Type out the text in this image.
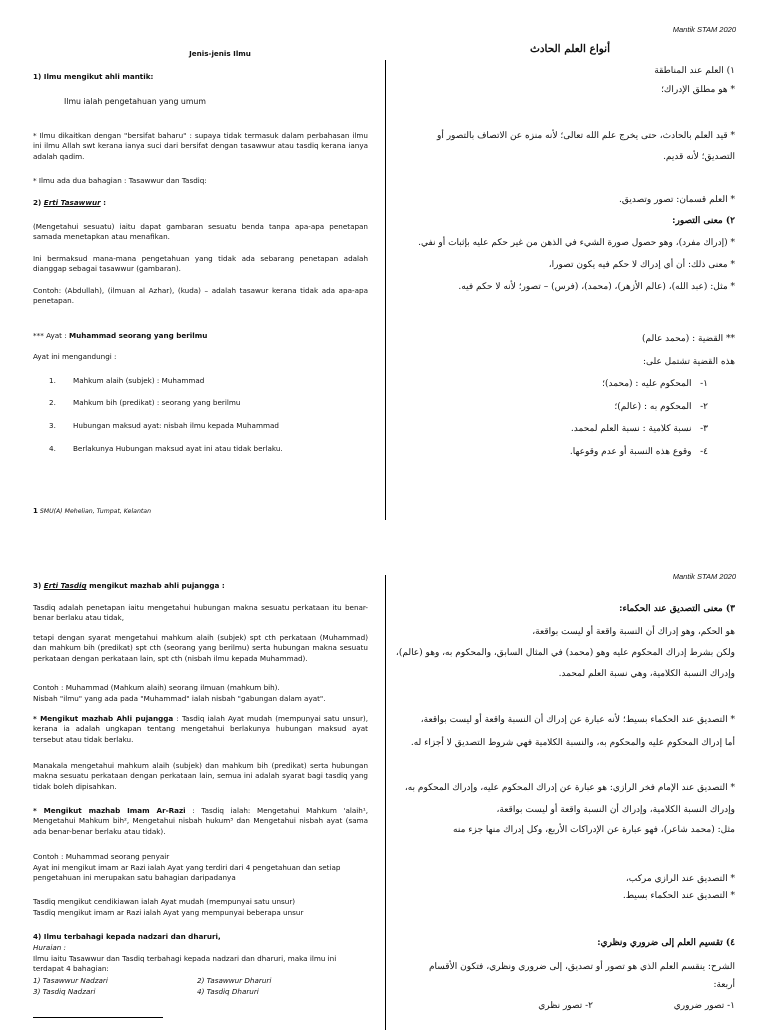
Mantik STAM 2020
Jenis-jenis Ilmu
1) Ilmu mengikut ahli mantik:
Ilmu ialah pengetahuan yang umum
* Ilmu dikaitkan dengan "bersifat baharu" : supaya tidak termasuk dalam perbahasan ilmu ini ilmu Allah swt kerana ianya suci dari bersifat dengan tasawwur atau tasdiq kerana ianya adalah qadim.
* Ilmu ada dua bahagian : Tasawwur dan Tasdiq:
2) Erti Tasawwur :
(Mengetahui sesuatu) iaitu dapat gambaran sesuatu benda tanpa apa-apa penetapan samada menetapkan atau menafikan.
Ini bermaksud mana-mana pengetahuan yang tidak ada sebarang penetapan adalah dianggap sebagai tasawwur (gambaran).
Contoh: (Abdullah), (ilmuan al Azhar), (kuda) – adalah tasawur kerana tidak ada apa-apa penetapan.
*** Ayat : Muhammad seorang yang berilmu
Ayat ini mengandungi :
1. Mahkum alaih (subjek) : Muhammad
2. Mahkum bih (predikat) : seorang yang berilmu
3. Hubungan maksud ayat: nisbah ilmu kepada Muhammad
4. Berlakunya Hubungan maksud ayat ini atau tidak berlaku.
1 SMU(A) Mehelian, Tumpat, Kelantan
أنواع العلم الحادث
١) العلم عند المناطقة
* هو مطلق الإدراك؛
* قيد العلم بالحادث، حتى يخرج علم الله تعالى؛ لأنه منزه عن الاتصاف بالتصور أو
التصديق؛ لأنه قديم.
* العلم قسمان: تصور وتصديق.
٢) معنى التصور:
* (إدراك مفرد)، وهو حصول صورة الشيء في الذهن من غير حكم عليه بإثبات أو نفي.
* معنى ذلك: أن أي إدراك لا حكم فيه يكون تصورا،
* مثل: (عبد الله)، (عالم الأزهر)، (محمد)، (فرس) – تصور؛ لأنه لا حكم فيه.
** القضية : (محمد عالم)
هذه القضية تشتمل على:
١-   المحكوم عليه : (محمد)؛
٢-   المحكوم به : (عالم)؛
٣-   نسبة كلامية : نسبة العلم لمحمد.
٤-   وقوع هذه النسبة أو عدم وقوعها.
Mantik STAM 2020
3) Erti Tasdiq mengikut mazhab ahli pujangga :
Tasdiq adalah penetapan iaitu mengetahui hubungan makna sesuatu perkataan itu benar-benar berlaku atau tidak,
tetapi dengan syarat mengetahui mahkum alaih (subjek) spt cth perkataan (Muhammad) dan mahkum bih (predikat) spt cth (seorang yang berilmu) serta hubungan makna sesuatu perkataan dengan perkataan lain, spt cth (nisbah ilmu kepada Muhammad).
Contoh : Muhammad (Mahkum alaih) seorang ilmuan (mahkum bih).
Nisbah "ilmu" yang ada pada "Muhammad" ialah nisbah "gabungan dalam ayat".
* Mengikut mazhab Ahli pujangga : Tasdiq ialah Ayat mudah (mempunyai satu unsur), kerana ia adalah ungkapan tentang mengetahui berlakunya hubungan maksud ayat tersebut atau tidak berlaku.
Manakala mengetahui mahkum alaih (subjek) dan mahkum bih (predikat) serta hubungan makna sesuatu perkataan dengan perkataan lain, semua ini adalah syarat bagi tasdiq yang tidak boleh dipisahkan.
* Mengikut mazhab Imam Ar-Razi : Tasdiq ialah: Mengetahui Mahkum 'alaih¹, Mengetahui Mahkum bih², Mengetahui nisbah hukum³ dan Mengetahui nisbah ayat (sama ada benar-benar berlaku atau tidak).
Contoh : Muhammad seorang penyair
Ayat ini mengikut imam ar Razi ialah Ayat yang terdiri dari 4 pengetahuan dan setiap pengetahuan ini merupakan satu bahagian daripadanya
Tasdiq mengikut cendikiawan ialah Ayat mudah (mempunyai satu unsur)
Tasdiq mengikut imam ar Razi ialah Ayat yang mempunyai beberapa unsur
4) Ilmu terbahagi kepada nadzari dan dharuri,
Huraian :
Ilmu iaitu Tasawwur dan Tasdiq terbahagi kepada nadzari dan dharuri, maka ilmu ini terdapat 4 bahagian:
1) Tasawwur Nadzari	2) Tasawwur Dharuri
3) Tasdiq Nadzari	4) Tasdiq Dharuri
٣) معنى التصديق عند الحكماء:
هو الحكم، وهو إدراك أن النسبة واقعة أو ليست بواقعة،
ولكن بشرط إدراك المحكوم عليه وهو (محمد) في المثال السابق، والمحكوم به، وهو (عالم)،
وإدراك النسبة الكلامية، وهي نسبة العلم لمحمد.
* التصديق عند الحكماء بسيط؛ لأنه عبارة عن إدراك أن النسبة واقعة أو ليست بواقعة،
أما إدراك المحكوم عليه والمحكوم به، والنسبة الكلامية فهي شروط التصديق لا أجزاء له.
* التصديق عند الإمام فخر الرازي: هو عبارة عن إدراك المحكوم عليه، وإدراك المحكوم به،
وإدراك النسبة الكلامية، وإدراك أن النسبة واقعة أو ليست بواقعة،
مثل: (محمد شاعر)، فهو عبارة عن الإدراكات الأربع، وكل إدراك منها جزء منه
* التصديق عند الرازي مركب،
* التصديق عند الحكماء بسيط.
٤) تقسيم العلم إلى ضروري ونظري:
الشرح: ينقسم العلم الذي هو تصور أو تصديق، إلى ضروري ونظري، فتكون الأقسام
أربعة:
١- تصور ضروري
٢- تصور نظري
